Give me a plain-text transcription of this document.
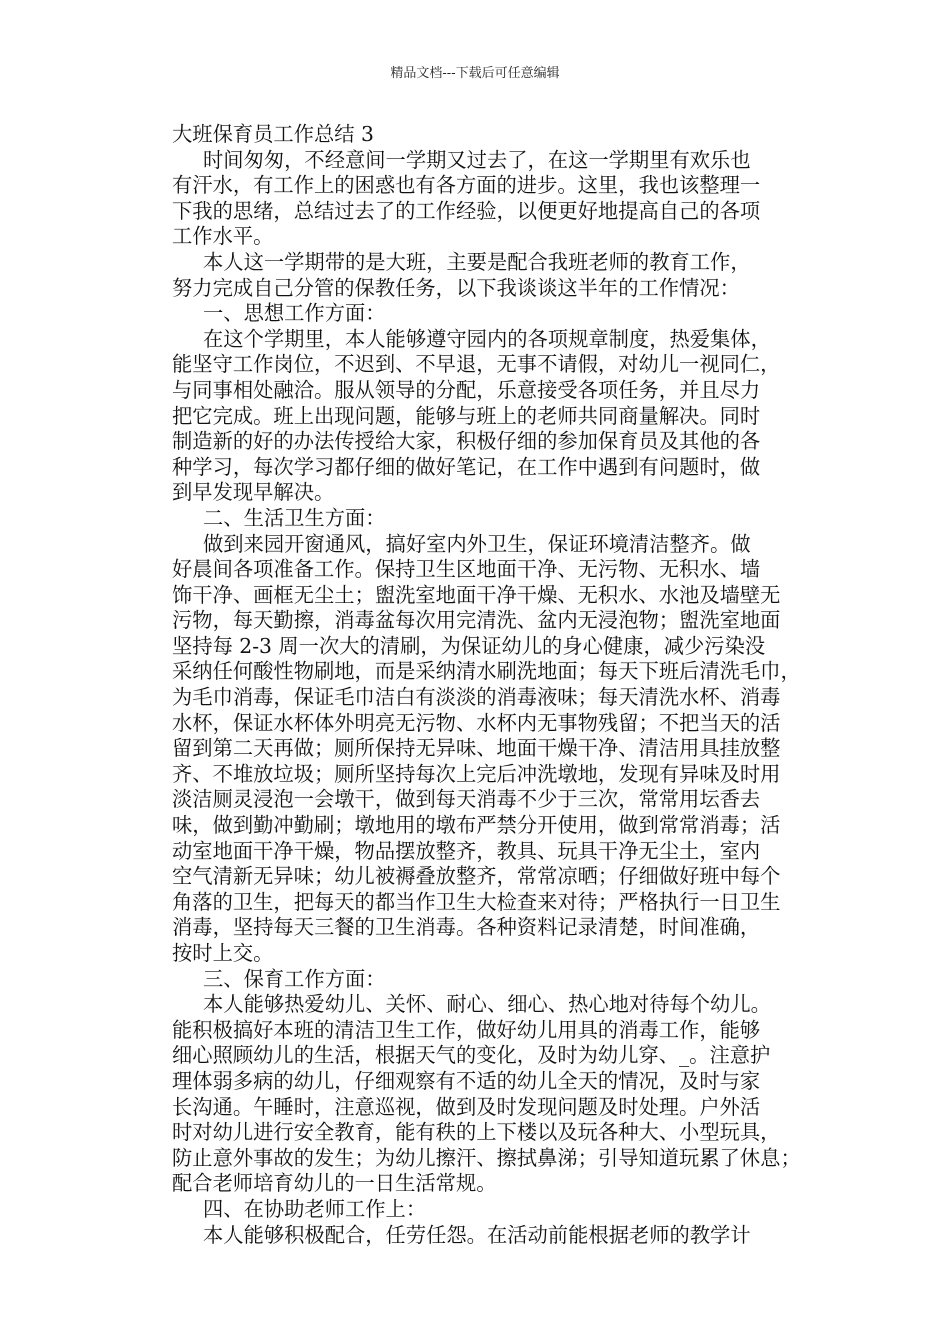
精品文档---下载后可任意编辑
大班保育员工作总结 3
时间匆匆，不经意间一学期又过去了，在这一学期里有欢乐也
有汗水，有工作上的困惑也有各方面的进步。这里，我也该整理一
下我的思绪，总结过去了的工作经验，以便更好地提高自己的各项
工作水平。
本人这一学期带的是大班，主要是配合我班老师的教育工作，
努力完成自己分管的保教任务，以下我谈谈这半年的工作情况：
一、思想工作方面：
在这个学期里，本人能够遵守园内的各项规章制度，热爱集体，
能坚守工作岗位，不迟到、不早退，无事不请假，对幼儿一视同仁，
与同事相处融洽。服从领导的分配，乐意接受各项任务，并且尽力
把它完成。班上出现问题，能够与班上的老师共同商量解决。同时
制造新的好的办法传授给大家，积极仔细的参加保育员及其他的各
种学习，每次学习都仔细的做好笔记，在工作中遇到有问题时，做
到早发现早解决。
二、生活卫生方面：
做到来园开窗通风，搞好室内外卫生，保证环境清洁整齐。做
好晨间各项准备工作。保持卫生区地面干净、无污物、无积水、墙
饰干净、画框无尘土；盥洗室地面干净干燥、无积水、水池及墙壁无
污物，每天勤擦，消毒盆每次用完清洗、盆内无浸泡物；盥洗室地面
坚持每 2-3 周一次大的清刷，为保证幼儿的身心健康，减少污染没
采纳任何酸性物刷地，而是采纳清水刷洗地面；每天下班后清洗毛巾，
为毛巾消毒，保证毛巾洁白有淡淡的消毒液味；每天清洗水杯、消毒
水杯，保证水杯体外明亮无污物、水杯内无事物残留；不把当天的活
留到第二天再做；厕所保持无异味、地面干燥干净、清洁用具挂放整
齐、不堆放垃圾；厕所坚持每次上完后冲洗墩地，发现有异味及时用
淡洁厕灵浸泡一会墩干，做到每天消毒不少于三次，常常用坛香去
味，做到勤冲勤刷；墩地用的墩布严禁分开使用，做到常常消毒；活
动室地面干净干燥，物品摆放整齐，教具、玩具干净无尘土，室内
空气清新无异味；幼儿被褥叠放整齐，常常凉晒；仔细做好班中每个
角落的卫生，把每天的都当作卫生大检查来对待；严格执行一日卫生
消毒，坚持每天三餐的卫生消毒。各种资料记录清楚，时间准确，
按时上交。
三、保育工作方面：
本人能够热爱幼儿、关怀、耐心、细心、热心地对待每个幼儿。
能积极搞好本班的清洁卫生工作，做好幼儿用具的消毒工作，能够
细心照顾幼儿的生活，根据天气的变化，及时为幼儿穿、_。注意护
理体弱多病的幼儿，仔细观察有不适的幼儿全天的情况，及时与家
长沟通。午睡时，注意巡视，做到及时发现问题及时处理。户外活
时对幼儿进行安全教育，能有秩的上下楼以及玩各种大、小型玩具，
防止意外事故的发生；为幼儿擦汗、擦拭鼻涕；引导知道玩累了休息；
配合老师培育幼儿的一日生活常规。
四、在协助老师工作上：
本人能够积极配合，任劳任怨。在活动前能根据老师的教学计
